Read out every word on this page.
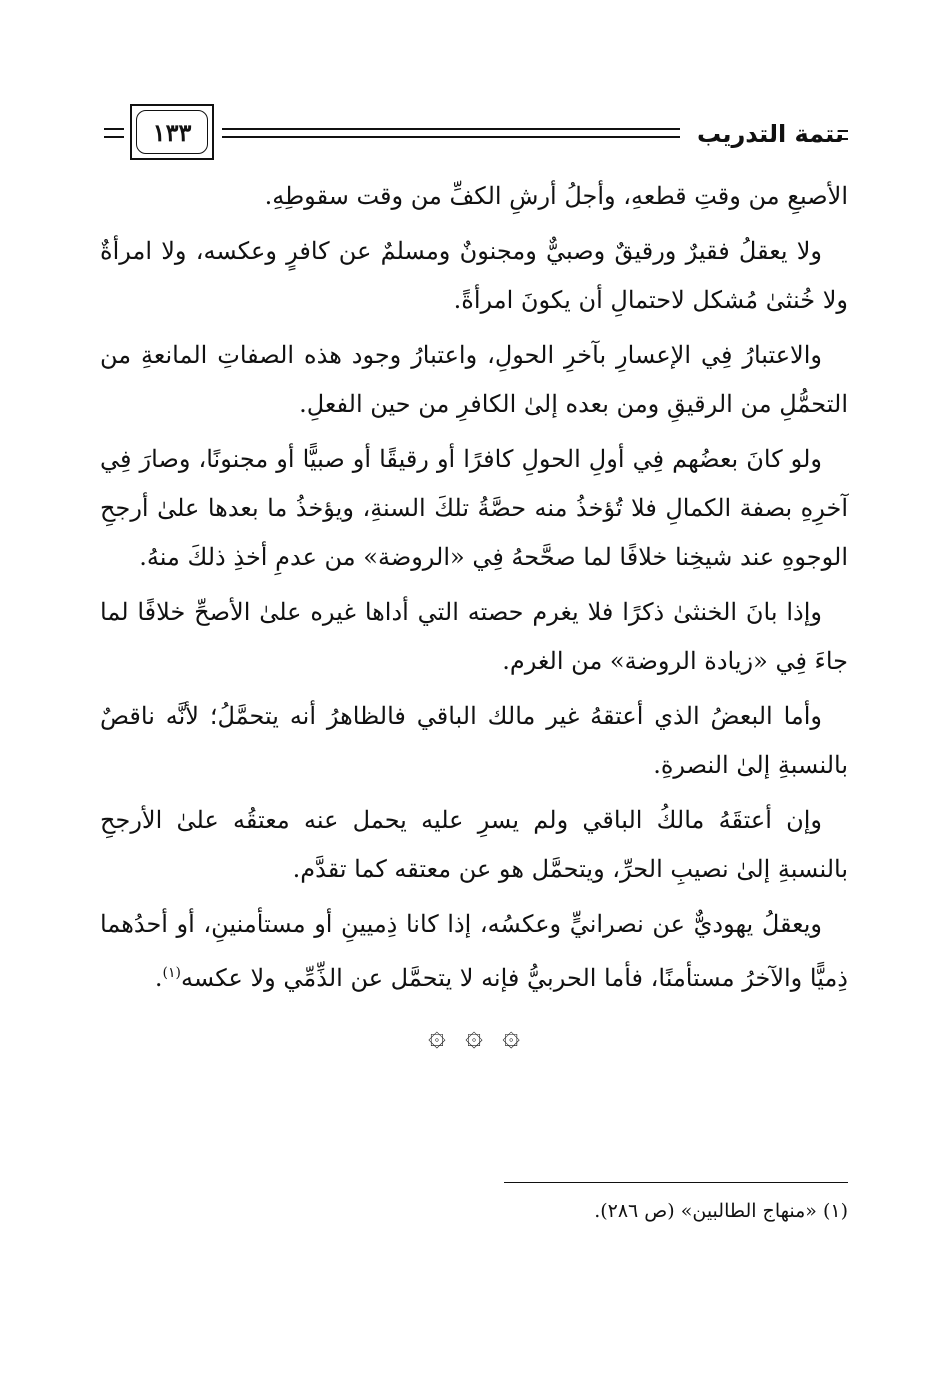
تتمة التدريب
١٣٣

الأصبعِ من وقتِ قطعهِ، وأجلُ أرشِ الكفِّ من وقت سقوطِهِ.

ولا يعقلُ فقيرٌ ورقيقٌ وصبيٌّ ومجنونٌ ومسلمٌ عن كافرٍ وعكسه، ولا امرأةٌ ولا خُنثىٰ مُشكل لاحتمالِ أن يكونَ امرأةً.

والاعتبارُ فِي الإعسارِ بآخرِ الحولِ، واعتبارُ وجود هذه الصفاتِ المانعةِ من التحمُّلِ من الرقيقِ ومن بعده إلىٰ الكافرِ من حين الفعلِ.

ولو كانَ بعضُهم فِي أولِ الحولِ كافرًا أو رقيقًا أو صبيًّا أو مجنونًا، وصارَ فِي آخرِهِ بصفة الكمالِ فلا تُؤخذُ منه حصَّةُ تلكَ السنةِ، ويؤخذُ ما بعدها علىٰ أرجحِ الوجوهِ عند شيخِنا خلافًا لما صحَّحهُ فِي «الروضة» من عدمِ أخذِ ذلكَ منهُ.

وإذا بانَ الخنثىٰ ذكرًا فلا يغرم حصته التي أداها غيره علىٰ الأصحِّ خلافًا لما جاءَ فِي «زيادة الروضة» من الغرم.

وأما البعضُ الذي أعتقهُ غير مالك الباقي فالظاهرُ أنه يتحمَّلُ؛ لأنَّه ناقصٌ بالنسبةِ إلىٰ النصرةِ.

وإن أعتقَهُ مالكُ الباقي ولم يسرِ عليه يحمل عنه معتقُه علىٰ الأرجحِ بالنسبةِ إلىٰ نصيبِ الحرِّ، ويتحمَّل هو عن معتقه كما تقدَّم.

ويعقلُ يهوديٌّ عن نصرانيٍّ وعكسُه، إذا كانا ذِميينِ أو مستأمنينِ، أو أحدُهما ذِميًّا والآخرُ مستأمنًا، فأما الحربيُّ فإنه لا يتحمَّل عن الذِّمِّي ولا عكسه$^{(١)}$.

۞ ۞ ۞
(١) «منهاج الطالبين» (ص ٢٨٦).
